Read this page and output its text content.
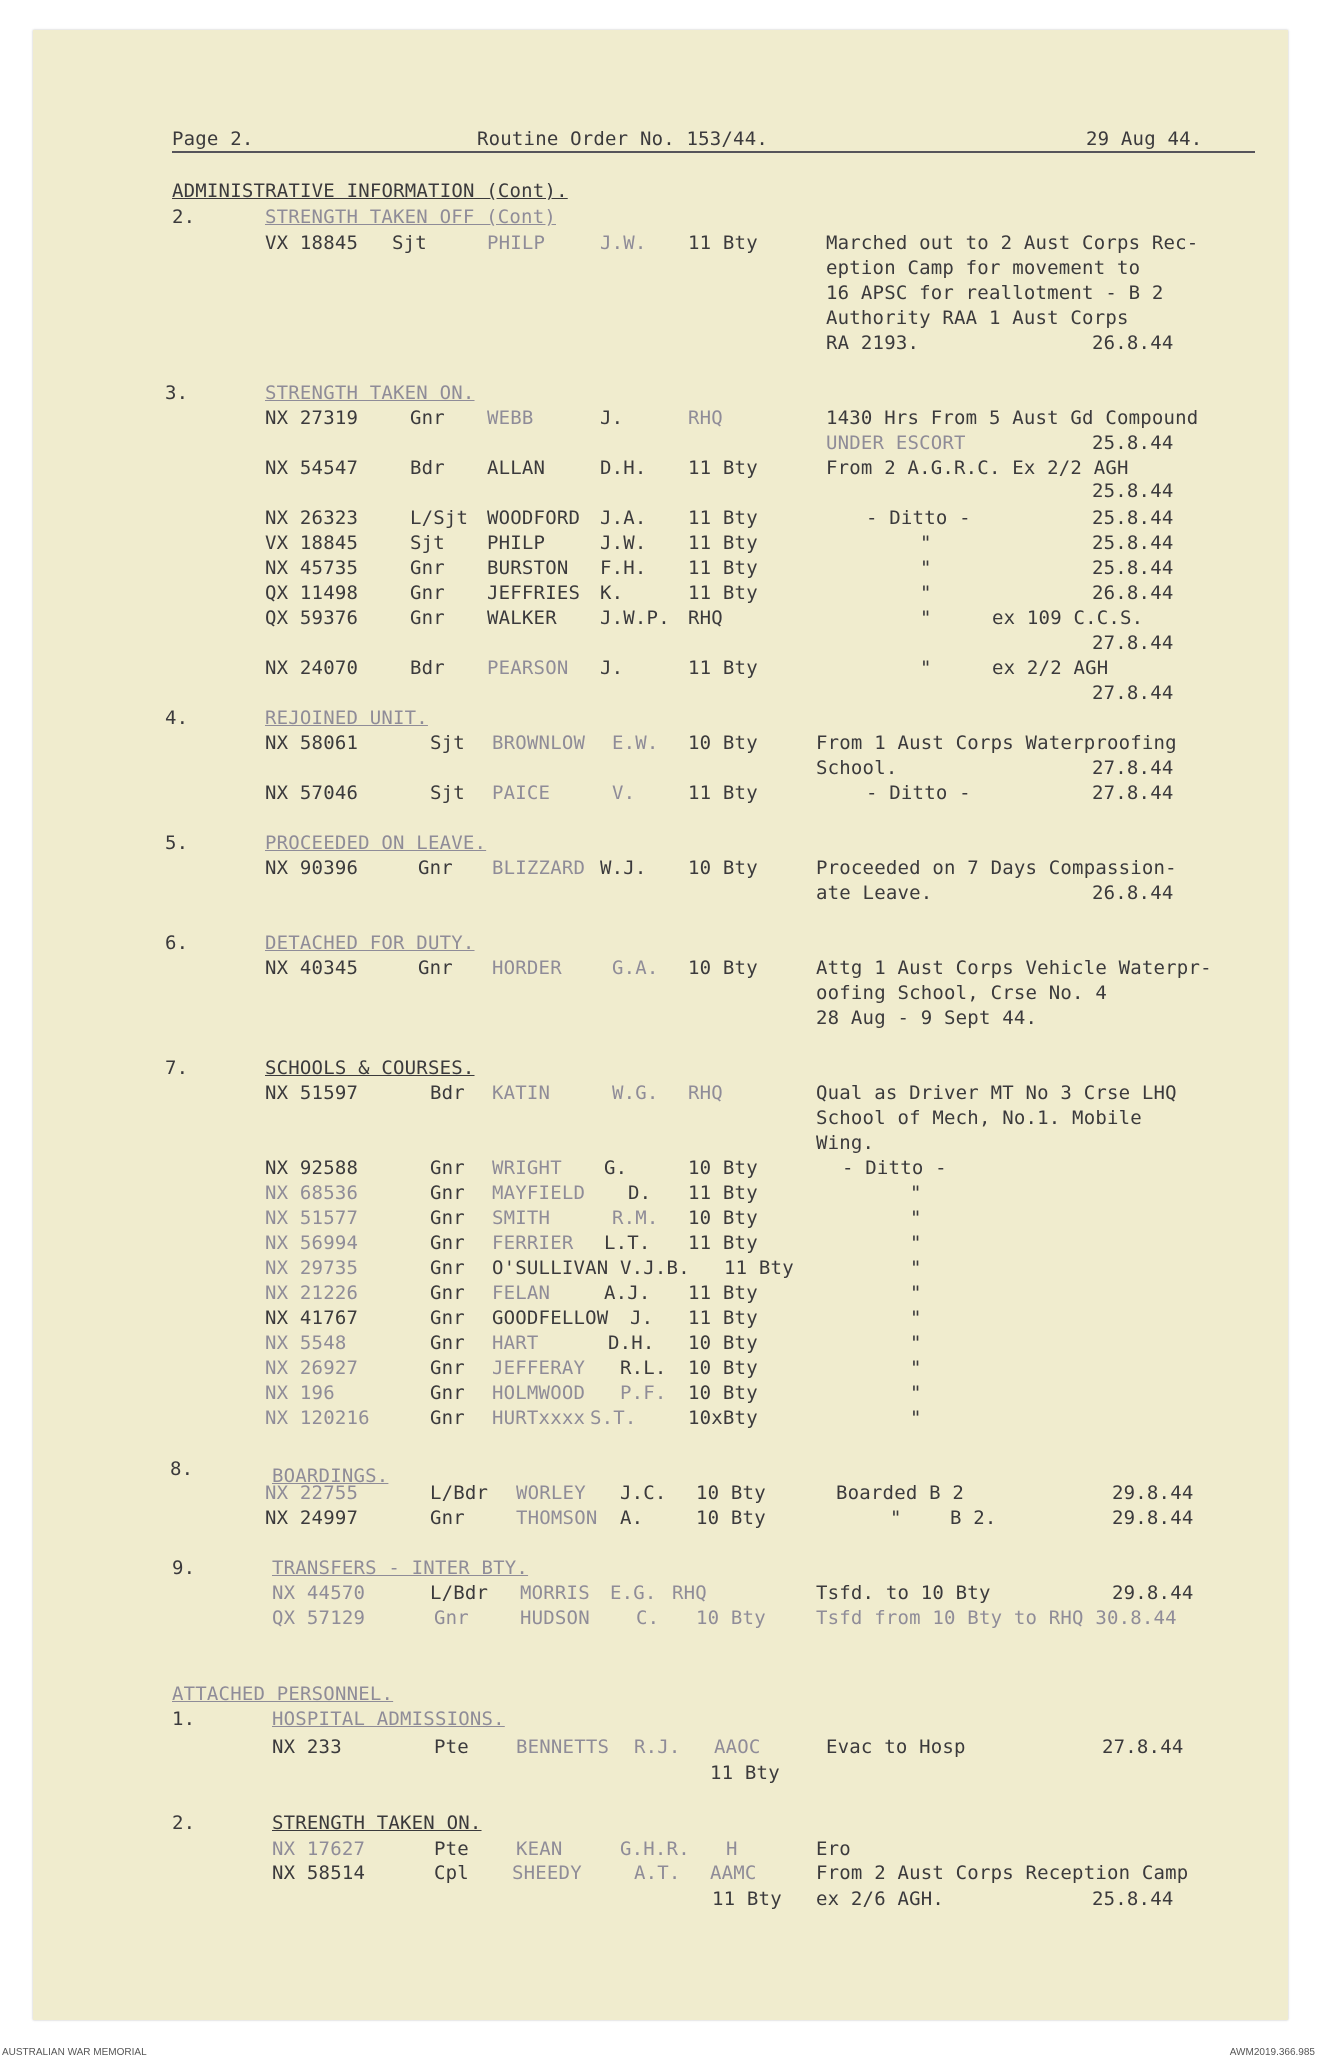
Page 2.	Routine Order No. 153/44.	29 Aug 44.
ADMINISTRATIVE INFORMATION (Cont).
2.	STRENGTH TAKEN OFF (Cont)
VX 18845 Sjt	PHILP	J.W. 11 Bty	Marched out to 2 Aust Corps Rec-
eption Camp for movement to
16 APSC for reallotment - B 2
Authority RAA 1 Aust Corps
RA 2193.	26.8.44
3.	STRENGTH TAKEN ON.
NX 27319	Gnr WEBB	J.	RHQ	1430 Hrs From 5 Aust Gd Compound
UNDER ESCORT	25.8.44
NX 54547	Bdr ALLAN	D.H. 11 Bty	From 2 A.G.R.C. Ex 2/2 AGH
25.8.44
NX 26323	L/Sjt WOODFORD J.A. 11 Bty	- Ditto -	25.8.44
VX 18845	Sjt PHILP	J.W. 11 Bty	"	25.8.44
NX 45735	Gnr BURSTON F.H. 11 Bty	"	25.8.44
QX 11498	Gnr JEFFRIES K.	11 Bty	"	26.8.44
QX 59376	Gnr WALKER J.W.P. RHQ	"	ex 109 C.C.S.
27.8.44
NX 24070	Bdr PEARSON J.	11 Bty	"	ex 2/2 AGH
27.8.44
4.	REJOINED UNIT.
NX 58061	Sjt BROWNLOW E.W. 10 Bty	From 1 Aust Corps Waterproofing
School.	27.8.44
NX 57046	Sjt PAICE	V.	11 Bty	- Ditto -	27.8.44
5.	PROCEEDED ON LEAVE.
NX 90396	Gnr BLIZZARD W.J. 10 Bty	Proceeded on 7 Days Compassion-
ate Leave.	26.8.44
6.	DETACHED FOR DUTY.
NX 40345	Gnr HORDER	G.A. 10 Bty	Attg 1 Aust Corps Vehicle Waterpr-
oofing School, Crse No. 4
28 Aug - 9 Sept 44.
7.	SCHOOLS & COURSES.
NX 51597	Bdr KATIN	W.G. RHQ	Qual as Driver MT No 3 Crse LHQ
School of Mech, No.1. Mobile
Wing.
NX 92588	Gnr WRIGHT G.	10 Bty	- Ditto -
NX 68536	Gnr MAYFIELD D. 11 Bty	"
NX 51577	Gnr SMITH	R.M. 10 Bty	"
NX 56994	Gnr FERRIER L.T. 11 Bty	"
NX 29735	Gnr O'SULLIVAN V.J.B. 11 Bty	"
NX 21226	Gnr FELAN	A.J. 11 Bty	"
NX 41767	Gnr GOODFELLOW J. 11 Bty	"
NX 5548	Gnr HART	D.H. 10 Bty	"
NX 26927	Gnr JEFFERAY R.L. 10 Bty	"
NX 196	Gnr HOLMWOOD P.F. 10 Bty	"
NX 120216	Gnr HURTxxxx S.T.	10xBty	"
8.	BOARDINGS.
NX 22755	L/Bdr WORLEY J.C. 10 Bty	Boarded B 2	29.8.44
NX 24997	Gnr	THOMSON A.	10 Bty	"	B 2.	29.8.44
9.	TRANSFERS - INTER BTY.
NX 44570	L/Bdr MORRIS E.G. RHQ	Tsfd. to 10 Bty	29.8.44
QX 57129	Gnr	HUDSON C. 10 Bty	Tsfd from 10 Bty to RHQ 30.8.44
ATTACHED PERSONNEL.
1.	HOSPITAL ADMISSIONS.
NX 233	Pte BENNETTS R.J. AAOC	Evac to Hosp	27.8.44
11 Bty
2.	STRENGTH TAKEN ON.
NX 17627	Pte KEAN	G.H.R. H	Ero
NX 58514	Cpl SHEEDY	A.T. AAMC	From 2 Aust Corps Reception Camp
11 Bty ex 2/6 AGH.	25.8.44
AUSTRALIAN WAR MEMORIAL	AWM2019.366.985
